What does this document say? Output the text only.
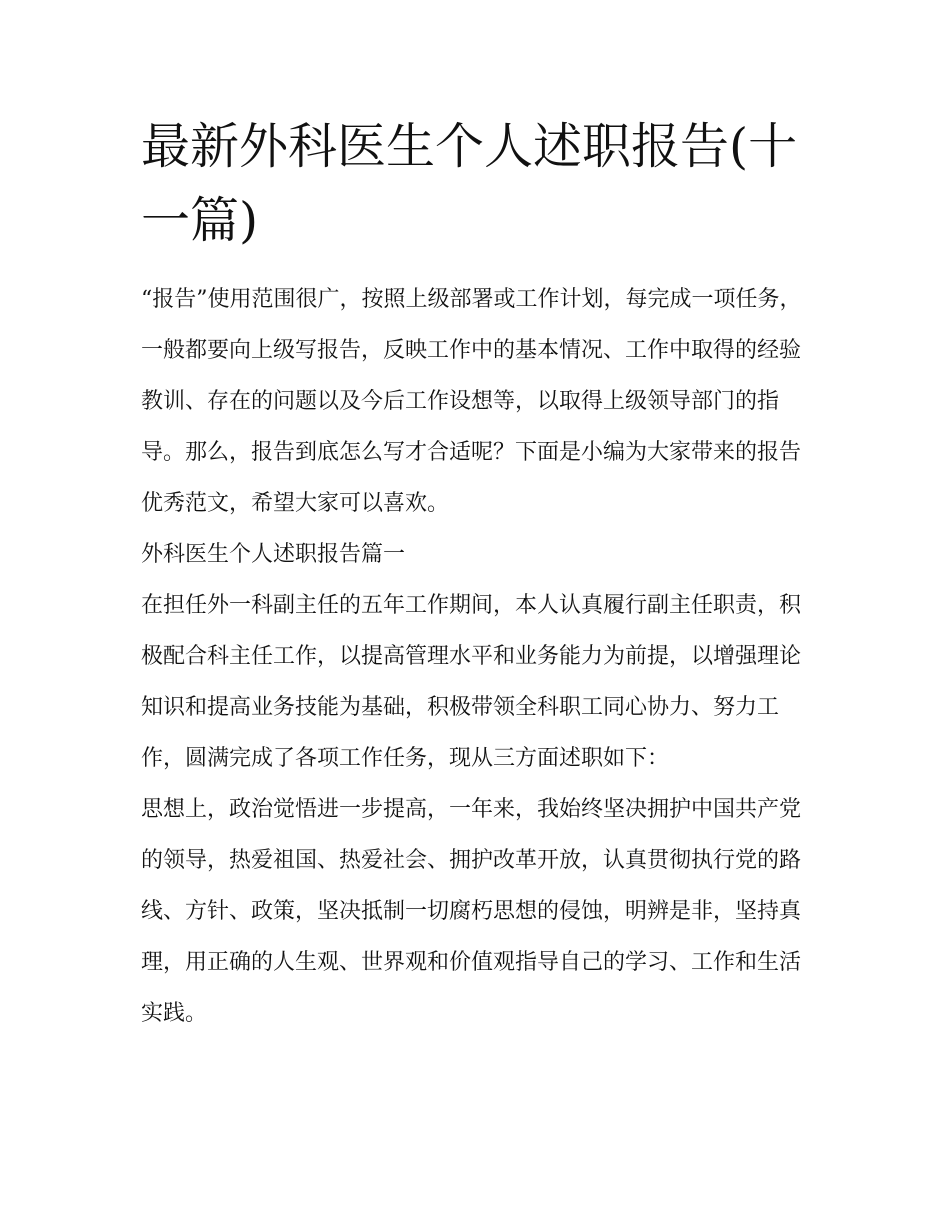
最新外科医生个人述职报告(十一篇)

“报告”使用范围很广，按照上级部署或工作计划，每完成一项任务，一般都要向上级写报告，反映工作中的基本情况、工作中取得的经验教训、存在的问题以及今后工作设想等，以取得上级领导部门的指导。那么，报告到底怎么写才合适呢？下面是小编为大家带来的报告优秀范文，希望大家可以喜欢。

外科医生个人述职报告篇一

在担任外一科副主任的五年工作期间，本人认真履行副主任职责，积极配合科主任工作，以提高管理水平和业务能力为前提，以增强理论知识和提高业务技能为基础，积极带领全科职工同心协力、努力工作，圆满完成了各项工作任务，现从三方面述职如下：

思想上，政治觉悟进一步提高，一年来，我始终坚决拥护中国共产党的领导，热爱祖国、热爱社会、拥护改革开放，认真贯彻执行党的路线、方针、政策，坚决抵制一切腐朽思想的侵蚀，明辨是非，坚持真理，用正确的人生观、世界观和价值观指导自己的学习、工作和生活实践。
